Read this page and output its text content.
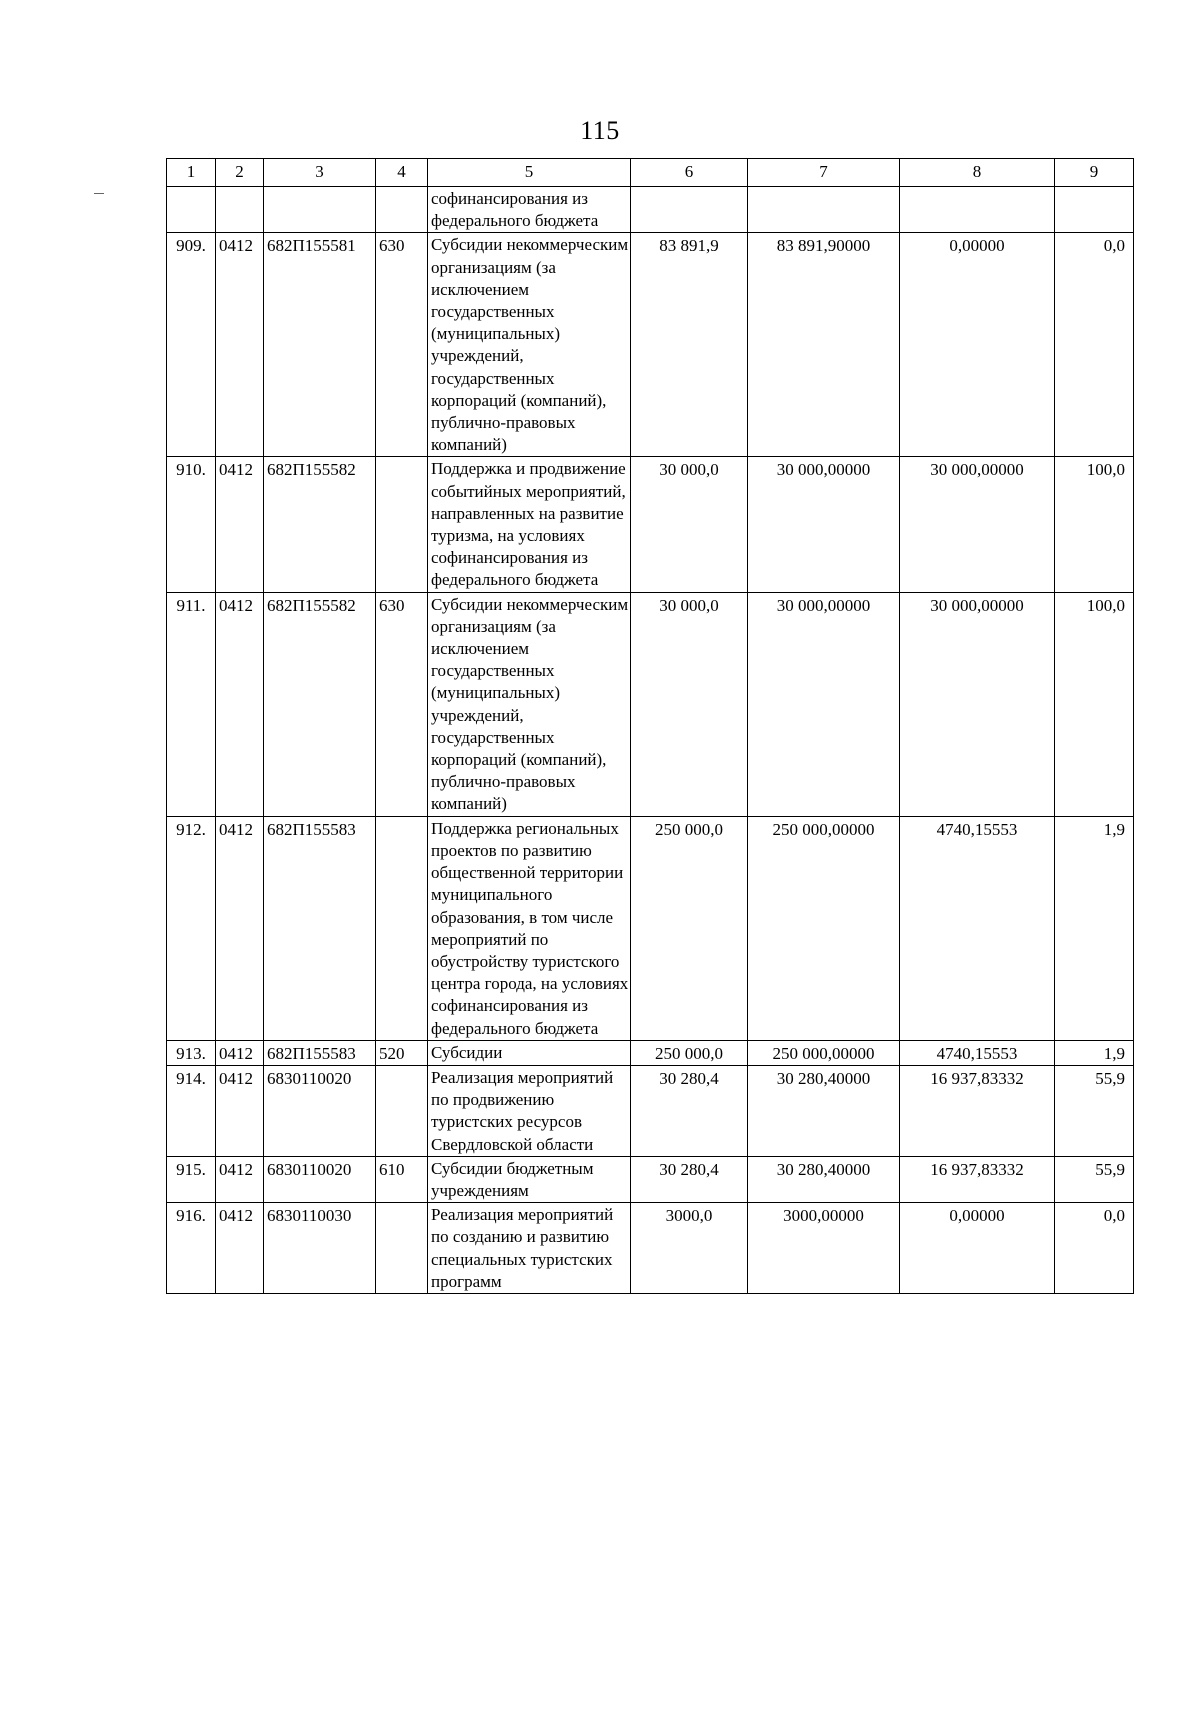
115
1	2	3	4	5	6	7	8	9
				софинансирования из федерального бюджета				
909.	0412	682П155581	630	Субсидии некоммерческим организациям (за исключением государственных (муниципальных) учреждений, государственных корпораций (компаний), публично-правовых компаний)	83 891,9	83 891,90000	0,00000	0,0
910.	0412	682П155582		Поддержка и продвижение событийных мероприятий, направленных на развитие туризма, на условиях софинансирования из федерального бюджета	30 000,0	30 000,00000	30 000,00000	100,0
911.	0412	682П155582	630	Субсидии некоммерческим организациям (за исключением государственных (муниципальных) учреждений, государственных корпораций (компаний), публично-правовых компаний)	30 000,0	30 000,00000	30 000,00000	100,0
912.	0412	682П155583		Поддержка региональных проектов по развитию общественной территории муниципального образования, в том числе мероприятий по обустройству туристского центра города, на условиях софинансирования из федерального бюджета	250 000,0	250 000,00000	4740,15553	1,9
913.	0412	682П155583	520	Субсидии	250 000,0	250 000,00000	4740,15553	1,9
914.	0412	6830110020		Реализация мероприятий по продвижению туристских ресурсов Свердловской области	30 280,4	30 280,40000	16 937,83332	55,9
915.	0412	6830110020	610	Субсидии бюджетным учреждениям	30 280,4	30 280,40000	16 937,83332	55,9
916.	0412	6830110030		Реализация мероприятий по созданию и развитию специальных туристских программ	3000,0	3000,00000	0,00000	0,0
